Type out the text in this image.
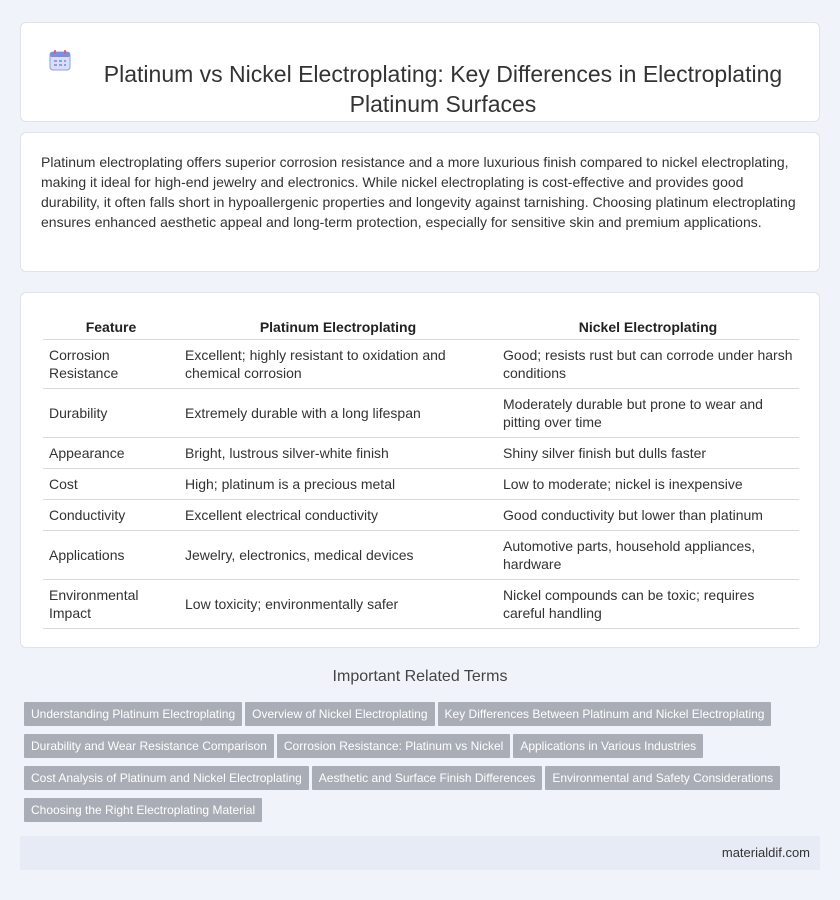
Platinum vs Nickel Electroplating: Key Differences in Electroplating Platinum Surfaces

Platinum electroplating offers superior corrosion resistance and a more luxurious finish compared to nickel electroplating, making it ideal for high-end jewelry and electronics. While nickel electroplating is cost-effective and provides good durability, it often falls short in hypoallergenic properties and longevity against tarnishing. Choosing platinum electroplating ensures enhanced aesthetic appeal and long-term protection, especially for sensitive skin and premium applications.

Feature	Platinum Electroplating	Nickel Electroplating
Corrosion Resistance	Excellent; highly resistant to oxidation and chemical corrosion	Good; resists rust but can corrode under harsh conditions
Durability	Extremely durable with a long lifespan	Moderately durable but prone to wear and pitting over time
Appearance	Bright, lustrous silver-white finish	Shiny silver finish but dulls faster
Cost	High; platinum is a precious metal	Low to moderate; nickel is inexpensive
Conductivity	Excellent electrical conductivity	Good conductivity but lower than platinum
Applications	Jewelry, electronics, medical devices	Automotive parts, household appliances, hardware
Environmental Impact	Low toxicity; environmentally safer	Nickel compounds can be toxic; requires careful handling
Important Related Terms
Understanding Platinum Electroplating Overview of Nickel Electroplating Key Differences Between Platinum and Nickel Electroplating
Durability and Wear Resistance Comparison Corrosion Resistance: Platinum vs Nickel Applications in Various Industries
Cost Analysis of Platinum and Nickel Electroplating Aesthetic and Surface Finish Differences Environmental and Safety Considerations
Choosing the Right Electroplating Material
materialdif.com
